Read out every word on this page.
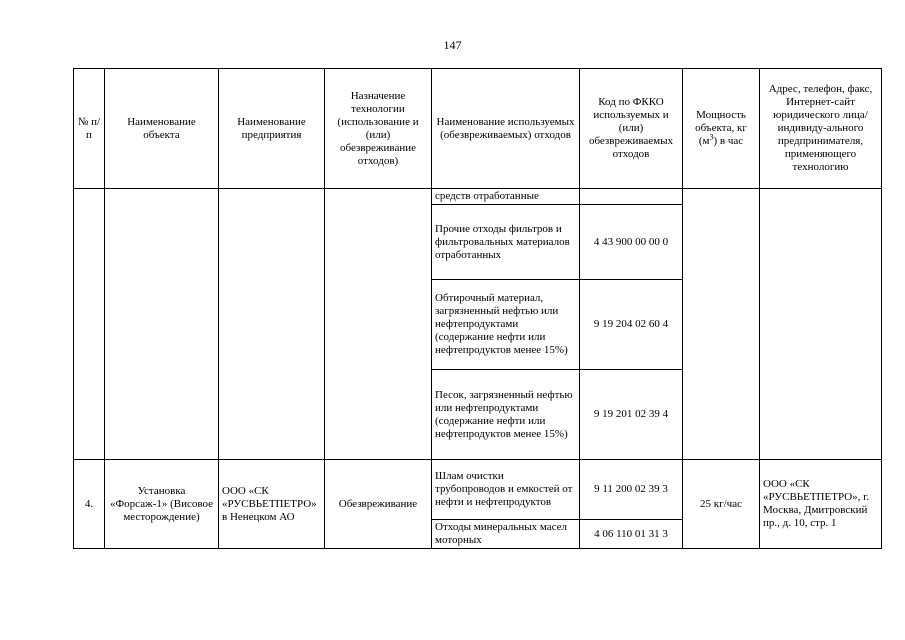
147
№ п/п	Наименование объекта	Наименование предприятия	Назначение технологии (использование и (или) обезвреживание отходов)	Наименование используемых (обезвреживаемых) отходов	Код по ФККО используемых и (или) обезвреживаемых отходов	Мощность объекта, кг $(м^3)$ в час	Адрес, телефон, факс, Интернет-сайт юридического лица/индивиду-ального предпринимателя, применяющего технологию
				средств отработанные			
				Прочие отходы фильтров и фильтровальных материалов отработанных	4 43 900 00 00 0		
				Обтирочный материал, загрязненный нефтью или нефтепродуктами (содержание нефти или нефтепродуктов менее 15%)	9 19 204 02 60 4		
				Песок, загрязненный нефтью или нефтепродуктами (содержание нефти или нефтепродуктов менее 15%)	9 19 201 02 39 4		
4.	Установка «Форсаж-1» (Висовое месторождение)	ООО «СК «РУСВЬЕТПЕТРО» в Ненецком АО	Обезвреживание	Шлам очистки трубопроводов и емкостей от нефти и нефтепродуктов	9 11 200 02 39 3	25 кг/час	ООО «СК «РУСВЬЕТПЕТРО», г. Москва, Дмитровский пр., д. 10, стр. 1
				Отходы минеральных масел моторных	4 06 110 01 31 3		
